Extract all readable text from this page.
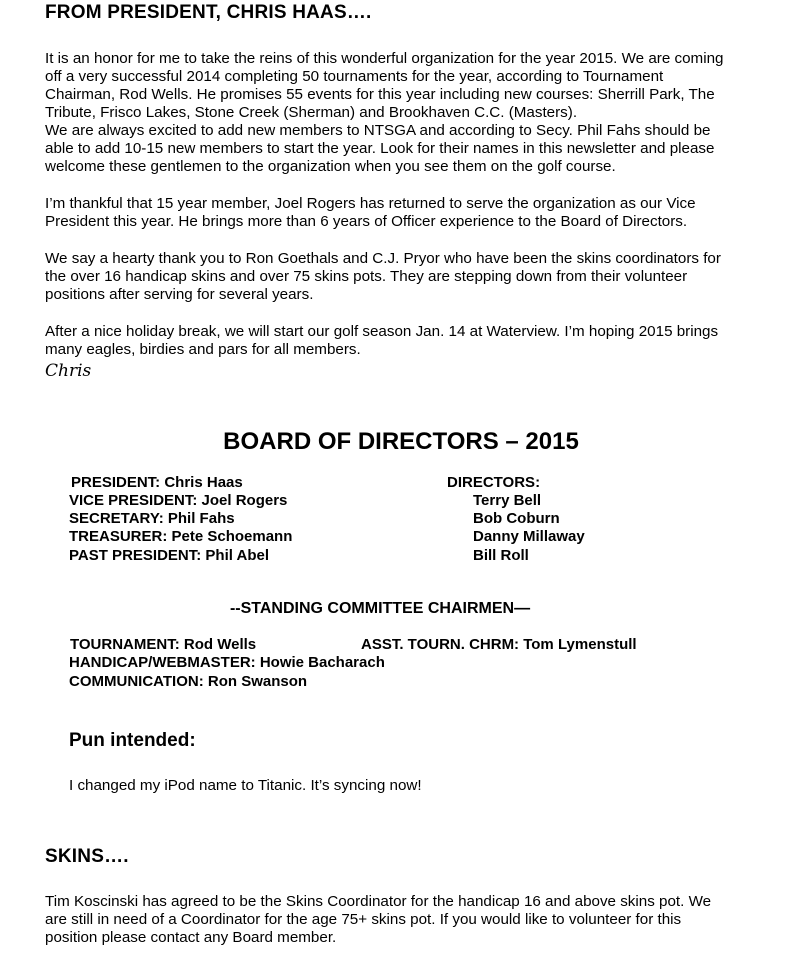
FROM PRESIDENT, CHRIS HAAS….
It is an honor for me to take the reins of this wonderful organization for the year 2015. We are coming
off a very successful 2014 completing 50 tournaments for the year, according to Tournament
Chairman, Rod Wells. He promises 55 events for this year including new courses: Sherrill Park, The
Tribute, Frisco Lakes, Stone Creek (Sherman) and Brookhaven C.C. (Masters).
We are always excited to add new members to NTSGA and according to Secy. Phil Fahs should be
able to add 10-15 new members to start the year. Look for their names in this newsletter and please
welcome these gentlemen to the organization when you see them on the golf course.
I’m thankful that 15 year member, Joel Rogers has returned to serve the organization as our Vice
President this year. He brings more than 6 years of Officer experience to the Board of Directors.
We say a hearty thank you to Ron Goethals and C.J. Pryor who have been the skins coordinators for
the over 16 handicap skins and over 75 skins pots. They are stepping down from their volunteer
positions after serving for several years.
After a nice holiday break, we will start our golf season Jan. 14 at Waterview. I’m hoping 2015 brings
many eagles, birdies and pars for all members.
Chris
BOARD OF DIRECTORS – 2015
PRESIDENT: Chris Haas
VICE PRESIDENT: Joel Rogers
SECRETARY: Phil Fahs
TREASURER: Pete Schoemann
PAST PRESIDENT: Phil Abel
DIRECTORS:
Terry Bell
Bob Coburn
Danny Millaway
Bill Roll
--STANDING COMMITTEE CHAIRMEN—
TOURNAMENT: Rod Wells	ASST. TOURN. CHRM: Tom Lymenstull
HANDICAP/WEBMASTER: Howie Bacharach
COMMUNICATION: Ron Swanson
Pun intended:
I changed my iPod name to Titanic. It’s syncing now!
SKINS….
Tim Koscinski has agreed to be the Skins Coordinator for the handicap 16 and above skins pot. We
are still in need of a Coordinator for the age 75+ skins pot. If you would like to volunteer for this
position please contact any Board member.
